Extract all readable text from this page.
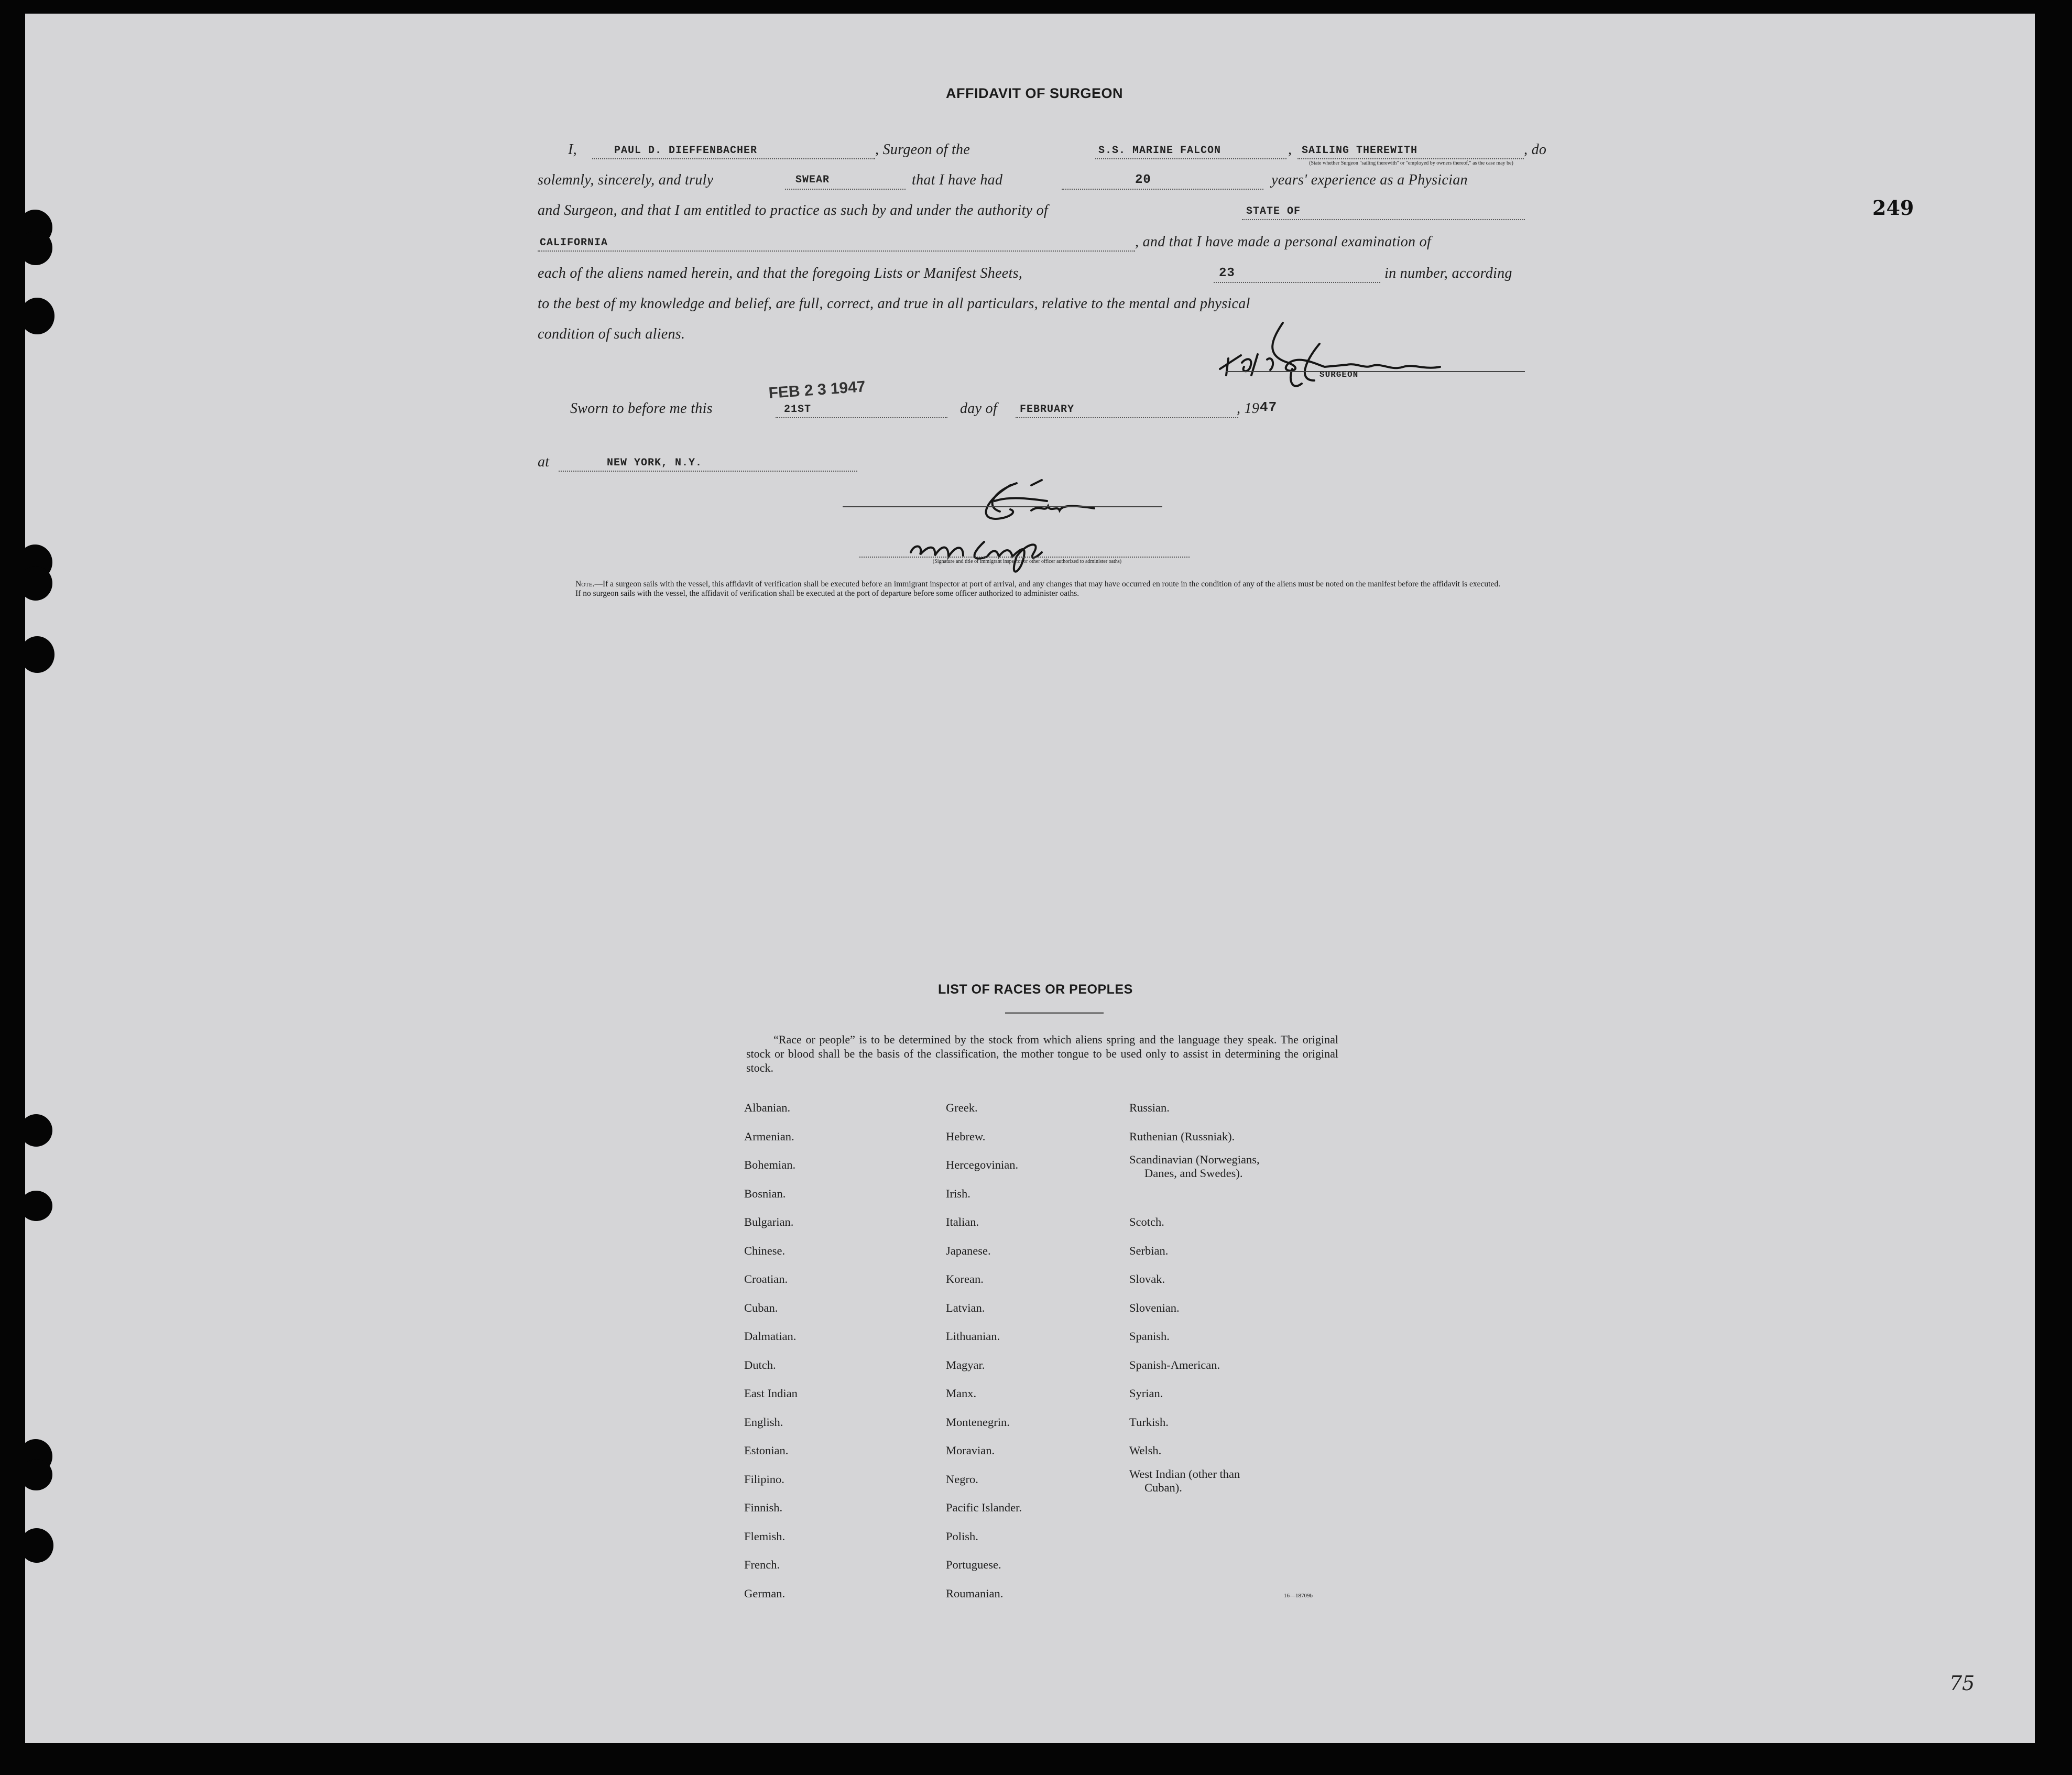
249
AFFIDAVIT OF SURGEON
I,	PAUL D. DIEFFENBACHER	, Surgeon of the	S.S. MARINE FALCON	, SAILING THEREWITH	, do
(State whether Surgeon "sailing therewith" or "employed by owners thereof," as the case may be)
solemnly, sincerely, and truly	SWEAR	that I have had	20	years' experience as a Physician
and Surgeon, and that I am entitled to practice as such by and under the authority of	STATE OF
CALIFORNIA	, and that I have made a personal examination of
each of the aliens named herein, and that the foregoing Lists or Manifest Sheets,	23	in number, according
to the best of my knowledge and belief, are full, correct, and true in all particulars, relative to the mental and physical
condition of such aliens.
SURGEON
Sworn to before me this
FEB 2 3 1947
21ST	day of FEBRUARY	, 19 47
at	NEW YORK, N.Y.
(Signature and title of immigrant inspector or other officer authorized to administer oaths)
Note.—If a surgeon sails with the vessel, this affidavit of verification shall be executed before an immigrant inspector at port of arrival, and any changes that may have occurred en route in the condition of any of the aliens must be noted on the manifest before the affidavit is executed.
If no surgeon sails with the vessel, the affidavit of verification shall be executed at the port of departure before some officer authorized to administer oaths.
LIST OF RACES OR PEOPLES
“Race or people” is to be determined by the stock from which aliens spring and the language they speak. The original stock or blood shall be the basis of the classification, the mother tongue to be used only to assist in determining the original stock.
Albanian.
Armenian.
Bohemian.
Bosnian.
Bulgarian.
Chinese.
Croatian.
Cuban.
Dalmatian.
Dutch.
East Indian
English.
Estonian.
Filipino.
Finnish.
Flemish.
French.
German.
Greek.
Hebrew.
Hercegovinian.
Irish.
Italian.
Japanese.
Korean.
Latvian.
Lithuanian.
Magyar.
Manx.
Montenegrin.
Moravian.
Negro.
Pacific Islander.
Polish.
Portuguese.
Roumanian.
Russian.
Ruthenian (Russniak).
Scandinavian (Norwegians,
Danes, and Swedes).
Scotch.
Serbian.
Slovak.
Slovenian.
Spanish.
Spanish-American.
Syrian.
Turkish.
Welsh.
West Indian (other than
Cuban).
16—18709b
75
